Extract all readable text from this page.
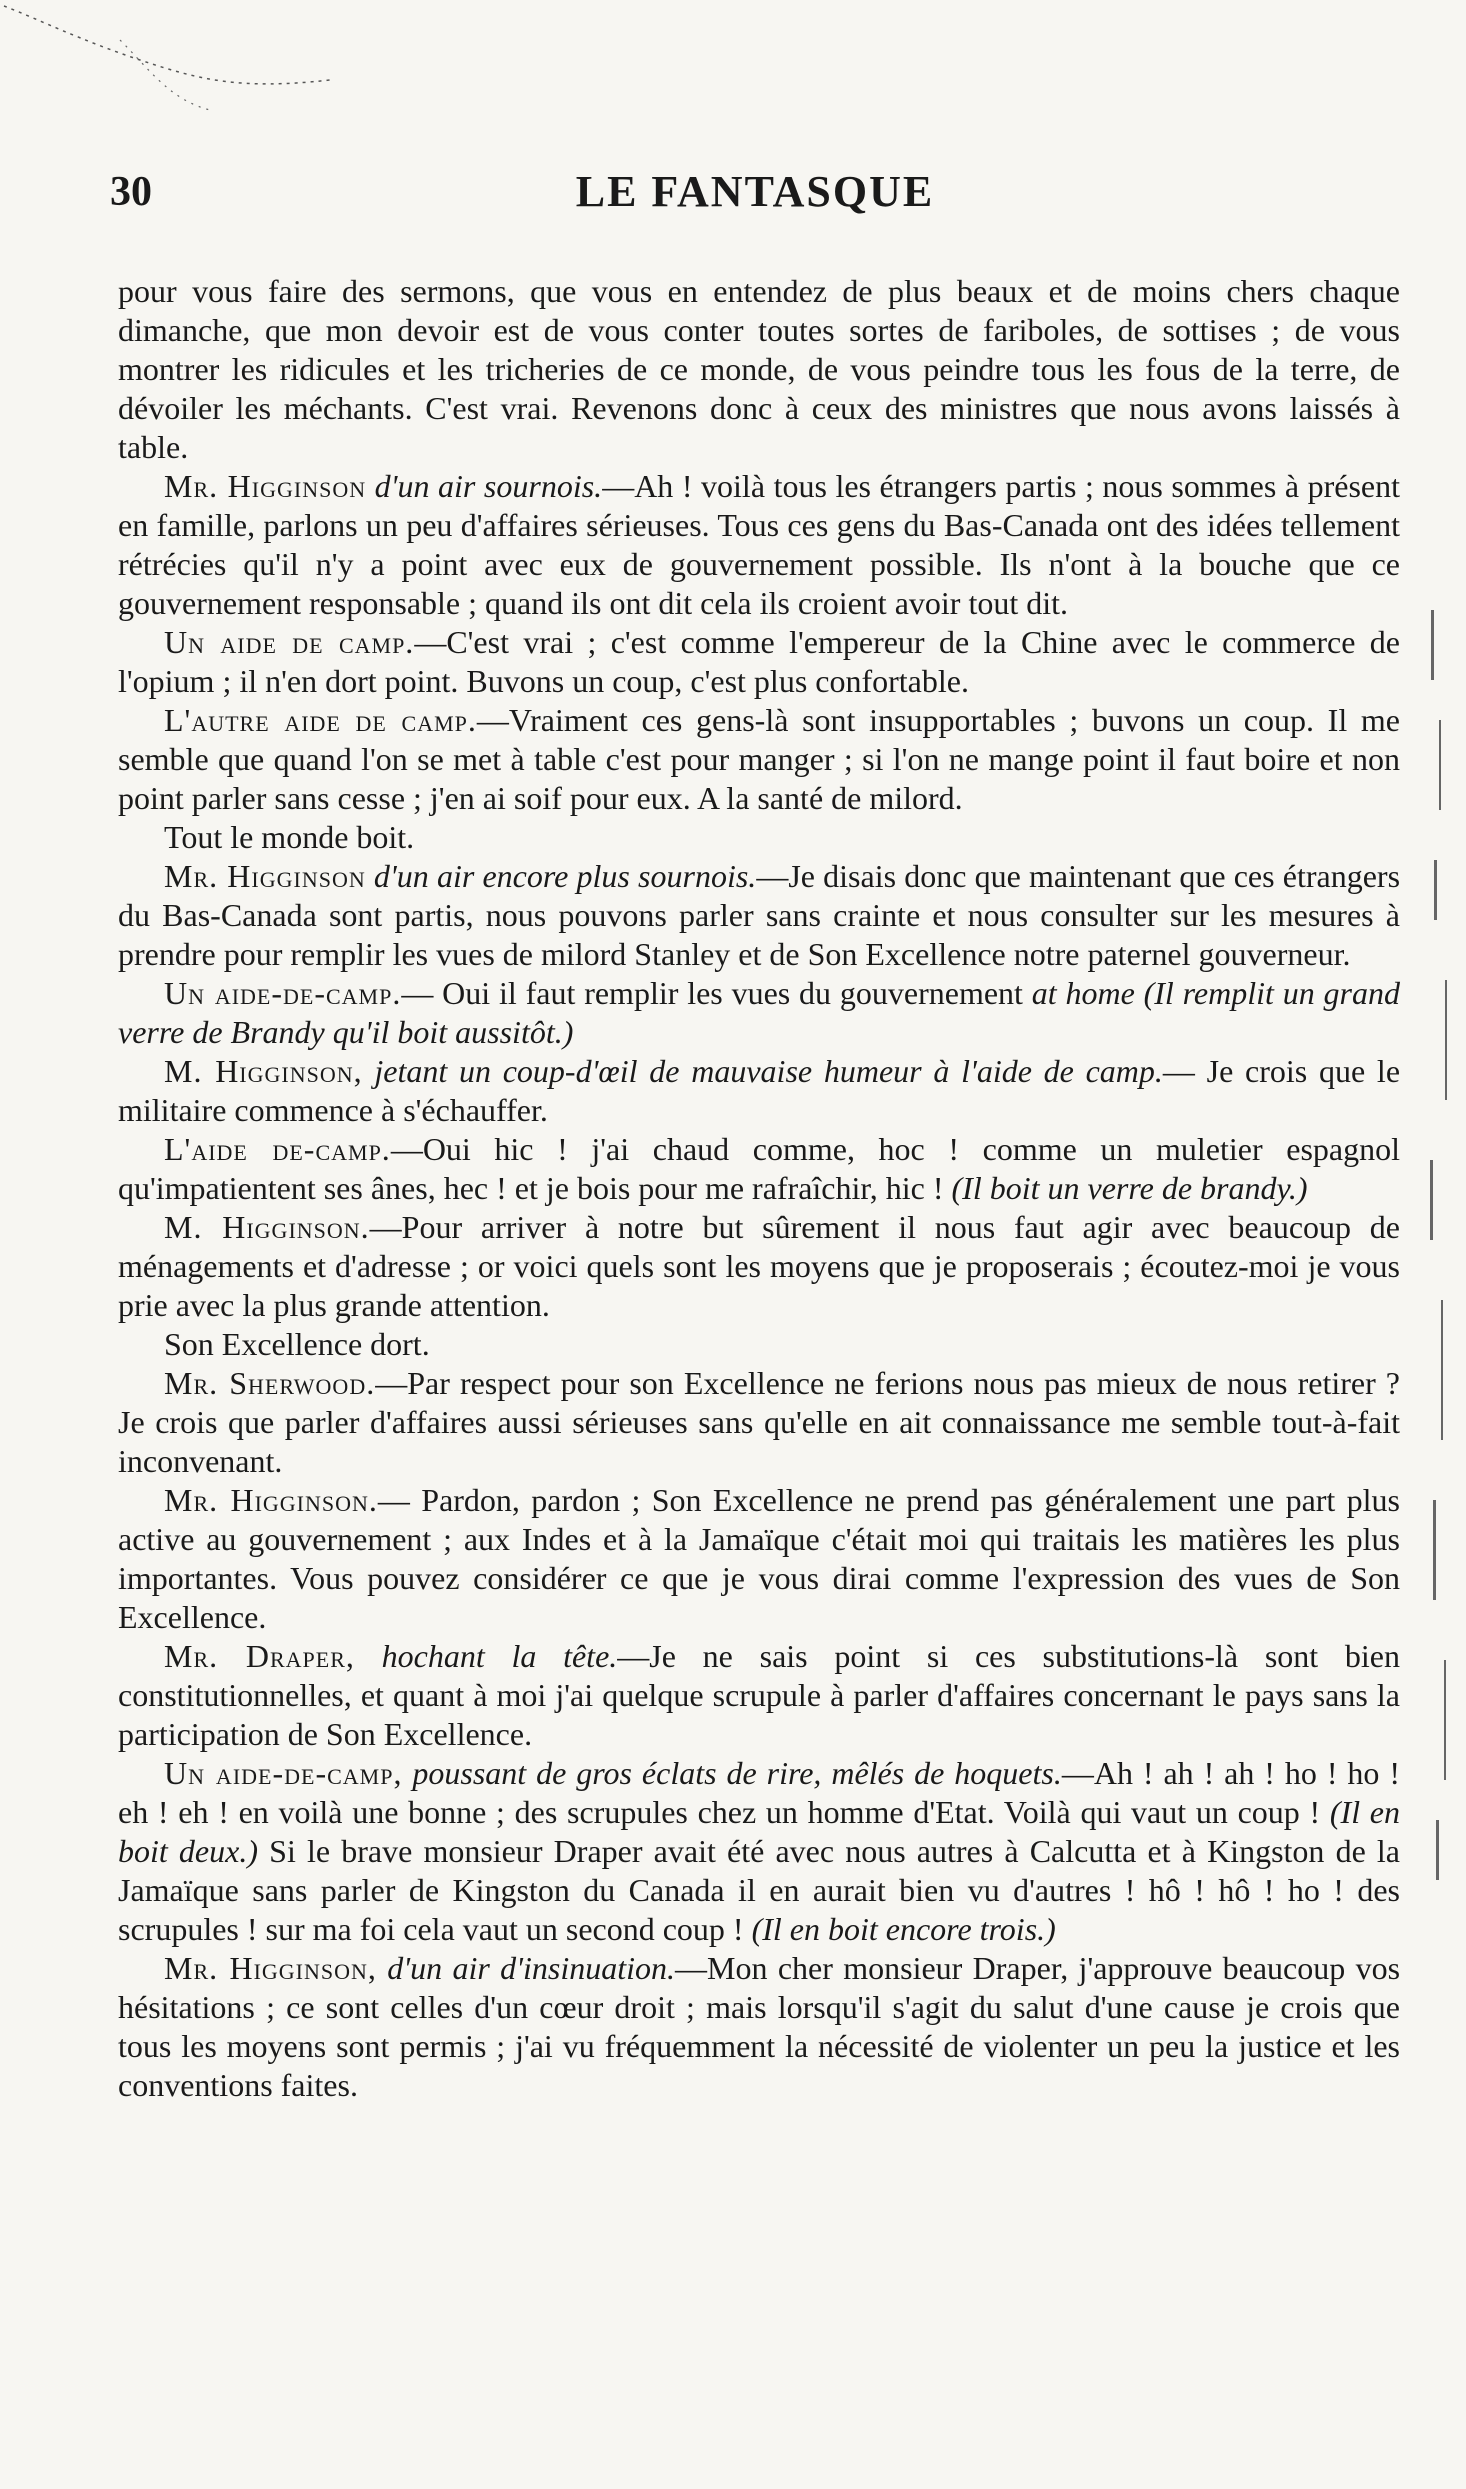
30	LE FANTASQUE

pour vous faire des sermons, que vous en entendez de plus beaux et de moins chers chaque dimanche, que mon devoir est de vous conter toutes sortes de fariboles, de sottises ; de vous montrer les ridicules et les tricheries de ce monde, de vous peindre tous les fous de la terre, de dévoiler les méchants. C'est vrai. Revenons donc à ceux des ministres que nous avons laissés à table.

Mr. Higginson d'un air sournois.—Ah ! voilà tous les étrangers partis ; nous sommes à présent en famille, parlons un peu d'affaires sérieuses. Tous ces gens du Bas-Canada ont des idées tellement rétrécies qu'il n'y a point avec eux de gouvernement possible. Ils n'ont à la bouche que ce gouvernement responsable ; quand ils ont dit cela ils croient avoir tout dit.

Un aide de camp.—C'est vrai ; c'est comme l'empereur de la Chine avec le commerce de l'opium ; il n'en dort point. Buvons un coup, c'est plus confortable.

L'autre aide de camp.—Vraiment ces gens-là sont insupportables ; buvons un coup. Il me semble que quand l'on se met à table c'est pour manger ; si l'on ne mange point il faut boire et non point parler sans cesse ; j'en ai soif pour eux. A la santé de milord.

Tout le monde boit.

Mr. Higginson d'un air encore plus sournois.—Je disais donc que maintenant que ces étrangers du Bas-Canada sont partis, nous pouvons parler sans crainte et nous consulter sur les mesures à prendre pour remplir les vues de milord Stanley et de Son Excellence notre paternel gouverneur.

Un aide-de-camp.— Oui il faut remplir les vues du gouvernement at home (Il remplit un grand verre de Brandy qu'il boit aussitôt.)

M. Higginson, jetant un coup-d'œil de mauvaise humeur à l'aide de camp.— Je crois que le militaire commence à s'échauffer.

L'aide de-camp.—Oui hic ! j'ai chaud comme, hoc ! comme un muletier espagnol qu'impatientent ses ânes, hec ! et je bois pour me rafraîchir, hic ! (Il boit un verre de brandy.)

M. Higginson.—Pour arriver à notre but sûrement il nous faut agir avec beaucoup de ménagements et d'adresse ; or voici quels sont les moyens que je proposerais ; écoutez-moi je vous prie avec la plus grande attention.

Son Excellence dort.

Mr. Sherwood.—Par respect pour son Excellence ne ferions nous pas mieux de nous retirer ? Je crois que parler d'affaires aussi sérieuses sans qu'elle en ait connaissance me semble tout-à-fait inconvenant.

Mr. Higginson.— Pardon, pardon ; Son Excellence ne prend pas généralement une part plus active au gouvernement ; aux Indes et à la Jamaïque c'était moi qui traitais les matières les plus importantes. Vous pouvez considérer ce que je vous dirai comme l'expression des vues de Son Excellence.

Mr. Draper, hochant la tête.—Je ne sais point si ces substitutions-là sont bien constitutionnelles, et quant à moi j'ai quelque scrupule à parler d'affaires concernant le pays sans la participation de Son Excellence.

Un aide-de-camp, poussant de gros éclats de rire, mêlés de hoquets.—Ah ! ah ! ah ! ho ! ho ! eh ! eh ! en voilà une bonne ; des scrupules chez un homme d'Etat. Voilà qui vaut un coup ! (Il en boit deux.) Si le brave monsieur Draper avait été avec nous autres à Calcutta et à Kingston de la Jamaïque sans parler de Kingston du Canada il en aurait bien vu d'autres ! hô ! hô ! ho ! des scrupules ! sur ma foi cela vaut un second coup ! (Il en boit encore trois.)

Mr. Higginson, d'un air d'insinuation.—Mon cher monsieur Draper, j'approuve beaucoup vos hésitations ; ce sont celles d'un cœur droit ; mais lorsqu'il s'agit du salut d'une cause je crois que tous les moyens sont permis ; j'ai vu fréquemment la nécessité de violenter un peu la justice et les conventions faites.
